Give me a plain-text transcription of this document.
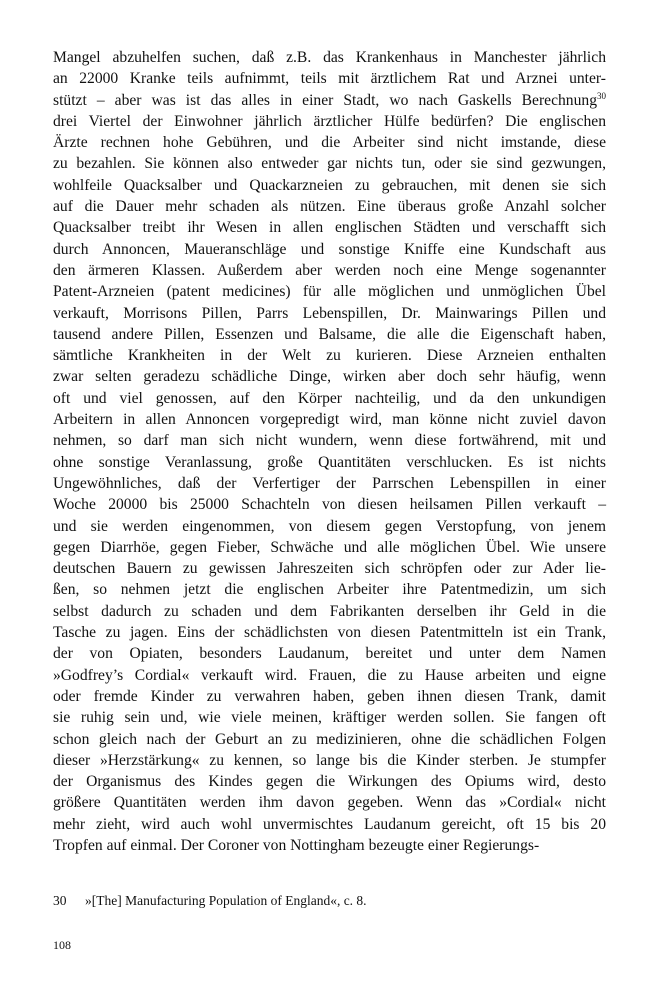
Mangel abzuhelfen suchen, daß z.B. das Krankenhaus in Manchester jährlich
an 22000 Kranke teils aufnimmt, teils mit ärztlichem Rat und Arznei unter-
stützt – aber was ist das alles in einer Stadt, wo nach Gaskells Berechnung$^{30}$
drei Viertel der Einwohner jährlich ärztlicher Hülfe bedürfen? Die englischen
Ärzte rechnen hohe Gebühren, und die Arbeiter sind nicht imstande, diese
zu bezahlen. Sie können also entweder gar nichts tun, oder sie sind gezwungen,
wohlfeile Quacksalber und Quackarzneien zu gebrauchen, mit denen sie sich
auf die Dauer mehr schaden als nützen. Eine überaus große Anzahl solcher
Quacksalber treibt ihr Wesen in allen englischen Städten und verschafft sich
durch Annoncen, Maueranschläge und sonstige Kniffe eine Kundschaft aus
den ärmeren Klassen. Außerdem aber werden noch eine Menge sogenannter
Patent-Arzneien (patent medicines) für alle möglichen und unmöglichen Übel
verkauft, Morrisons Pillen, Parrs Lebenspillen, Dr. Mainwarings Pillen und
tausend andere Pillen, Essenzen und Balsame, die alle die Eigenschaft haben,
sämtliche Krankheiten in der Welt zu kurieren. Diese Arzneien enthalten
zwar selten geradezu schädliche Dinge, wirken aber doch sehr häufig, wenn
oft und viel genossen, auf den Körper nachteilig, und da den unkundigen
Arbeitern in allen Annoncen vorgepredigt wird, man könne nicht zuviel davon
nehmen, so darf man sich nicht wundern, wenn diese fortwährend, mit und
ohne sonstige Veranlassung, große Quantitäten verschlucken. Es ist nichts
Ungewöhnliches, daß der Verfertiger der Parrschen Lebenspillen in einer
Woche 20000 bis 25000 Schachteln von diesen heilsamen Pillen verkauft –
und sie werden eingenommen, von diesem gegen Verstopfung, von jenem
gegen Diarrhöe, gegen Fieber, Schwäche und alle möglichen Übel. Wie unsere
deutschen Bauern zu gewissen Jahreszeiten sich schröpfen oder zur Ader lie-
ßen, so nehmen jetzt die englischen Arbeiter ihre Patentmedizin, um sich
selbst dadurch zu schaden und dem Fabrikanten derselben ihr Geld in die
Tasche zu jagen. Eins der schädlichsten von diesen Patentmitteln ist ein Trank,
der von Opiaten, besonders Laudanum, bereitet und unter dem Namen
»Godfrey’s Cordial« verkauft wird. Frauen, die zu Hause arbeiten und eigne
oder fremde Kinder zu verwahren haben, geben ihnen diesen Trank, damit
sie ruhig sein und, wie viele meinen, kräftiger werden sollen. Sie fangen oft
schon gleich nach der Geburt an zu medizinieren, ohne die schädlichen Folgen
dieser »Herzstärkung« zu kennen, so lange bis die Kinder sterben. Je stumpfer
der Organismus des Kindes gegen die Wirkungen des Opiums wird, desto
größere Quantitäten werden ihm davon gegeben. Wenn das »Cordial« nicht
mehr zieht, wird auch wohl unvermischtes Laudanum gereicht, oft 15 bis 20
Tropfen auf einmal. Der Coroner von Nottingham bezeugte einer Regierungs-
30 »[The] Manufacturing Population of England«, c. 8.
108
